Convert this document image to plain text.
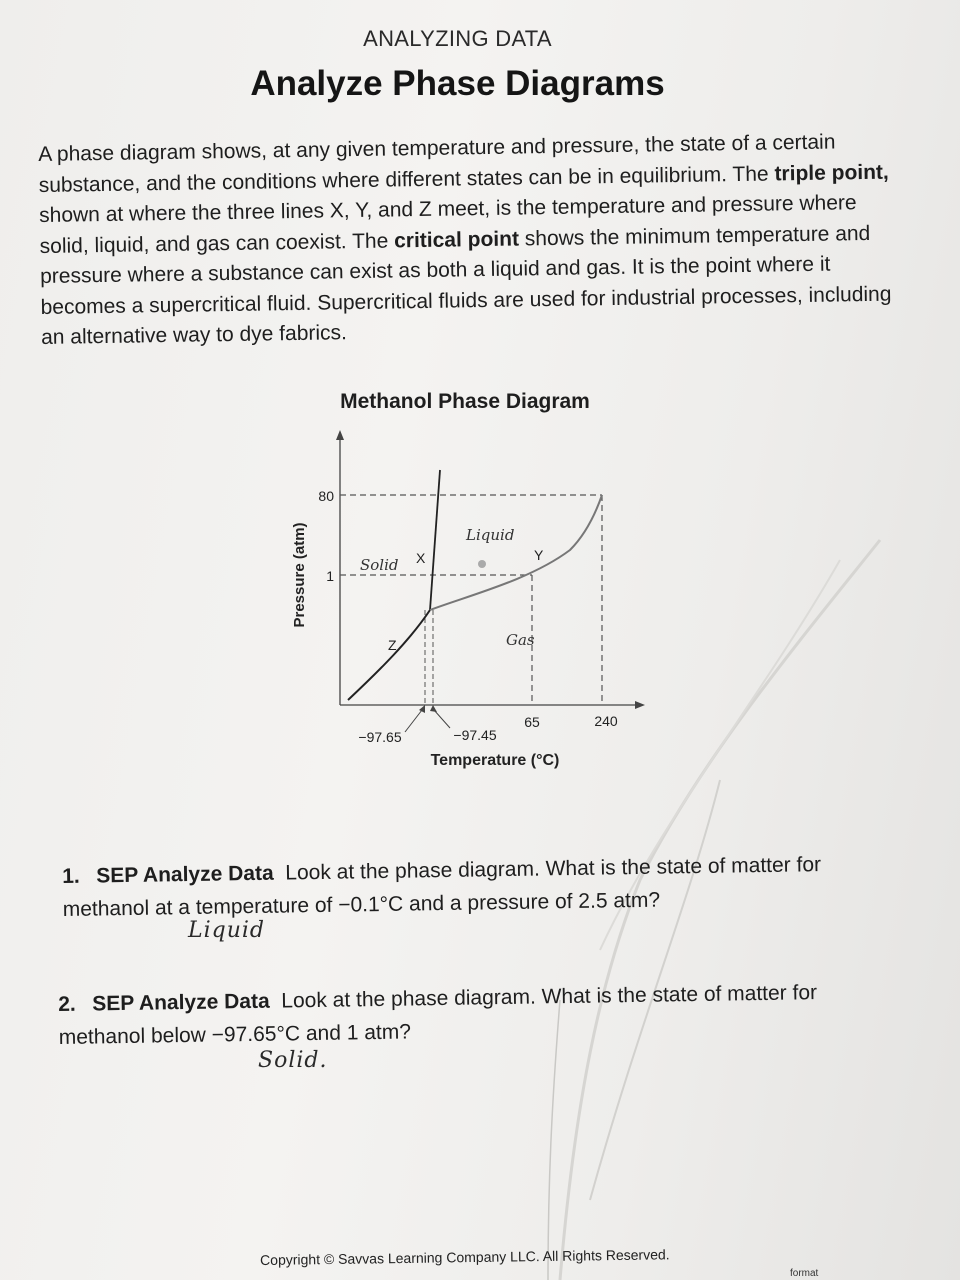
ANALYZING DATA
Analyze Phase Diagrams
A phase diagram shows, at any given temperature and pressure, the state of a certain substance, and the conditions where different states can be in equilibrium. The triple point, shown at where the three lines X, Y, and Z meet, is the temperature and pressure where solid, liquid, and gas can coexist. The critical point shows the minimum temperature and pressure where a substance can exist as both a liquid and gas. It is the point where it becomes a supercritical fluid. Supercritical fluids are used for industrial processes, including an alternative way to dye fabrics.
Methanol Phase Diagram
X	Y
Z
Solid
Liquid
Gas
80
1
−97.65	−97.45
65	240
Temperature (°C)
Pressure (atm)
1. SEP Analyze Data Look at the phase diagram. What is the state of matter for methanol at a temperature of −0.1°C and a pressure of 2.5 atm?
Liquid
2. SEP Analyze Data Look at the phase diagram. What is the state of matter for methanol below −97.65°C and 1 atm?
Solid.
Copyright © Savvas Learning Company LLC. All Rights Reserved.
format
